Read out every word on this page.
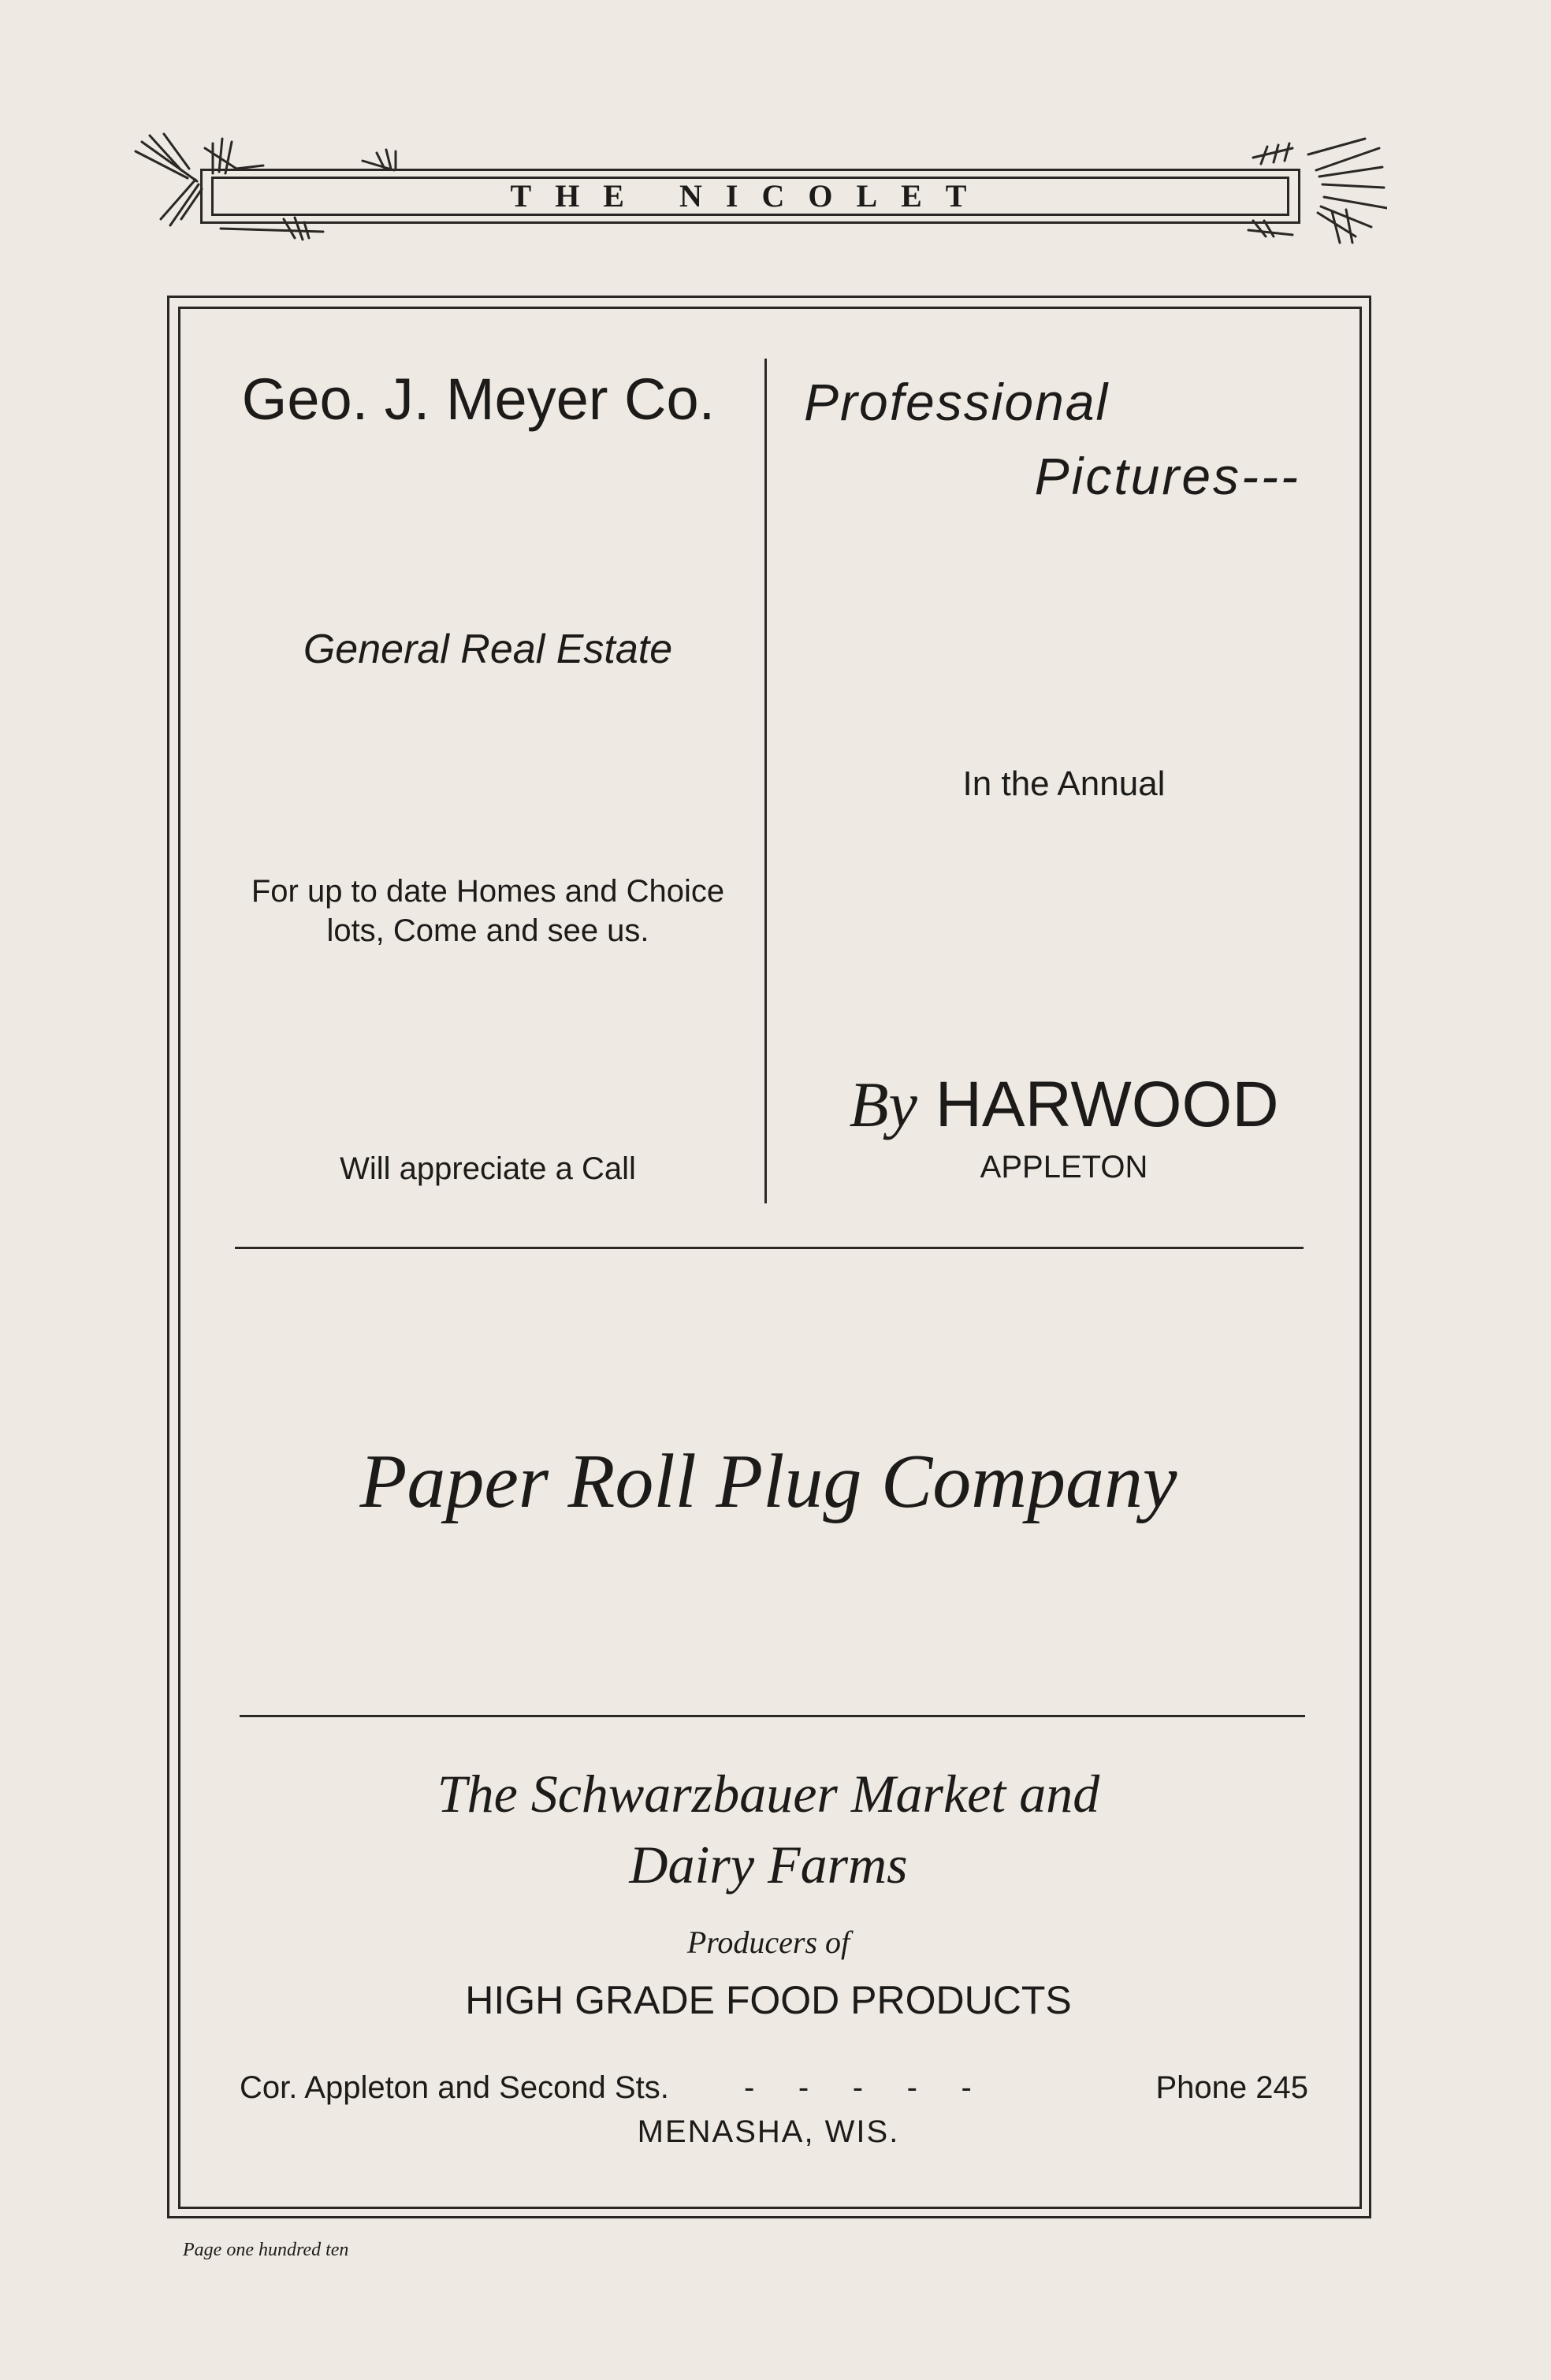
THE NICOLET
Geo. J. Meyer Co.
General Real Estate
For up to date Homes and Choice lots, Come and see us.
Will appreciate a Call
Professional
Pictures---
In the Annual
By HARWOOD
APPLETON
Paper Roll Plug Company
The Schwarzbauer Market and
Dairy Farms
Producers of
HIGH GRADE FOOD PRODUCTS
Cor. Appleton and Second Sts. -     -     -     -     -	Phone 245
MENASHA, WIS.
Page one hundred ten
